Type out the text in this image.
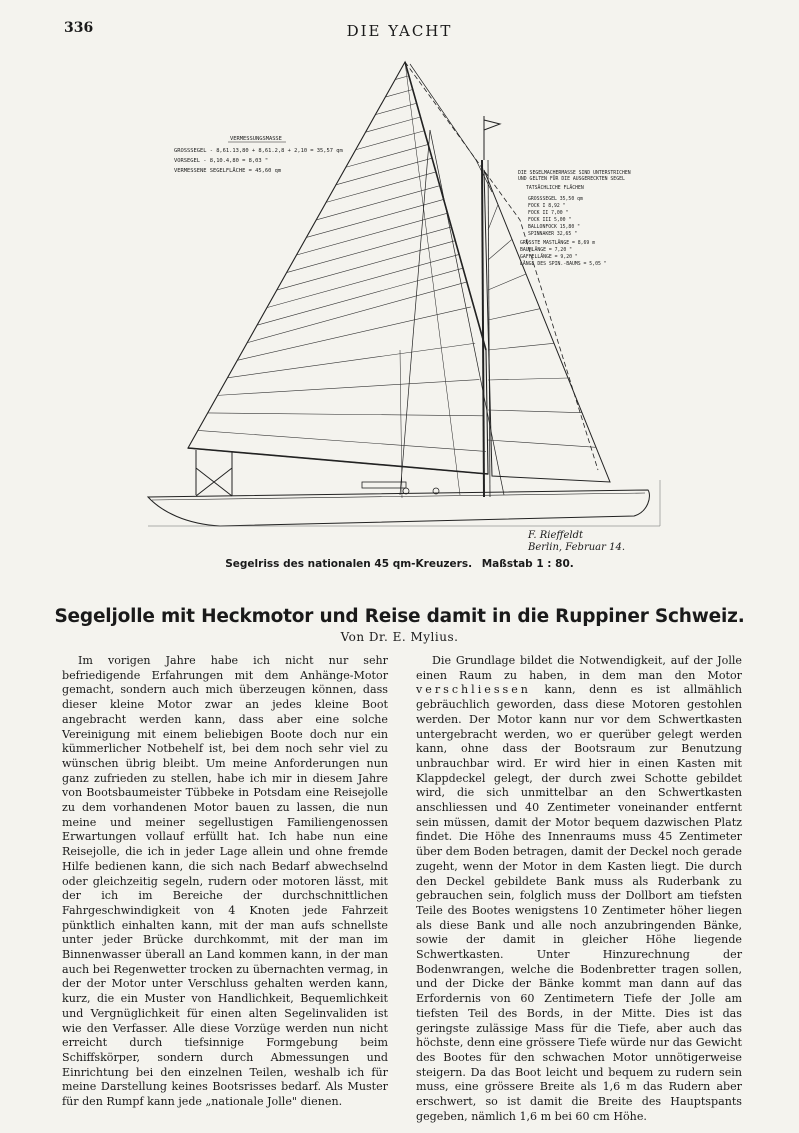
336	DIE YACHT
VERMESSUNGSMASSE
GROSSSEGEL - 8,61.13,80 + 8,61.2,8 + 2,10 = 35,57 qm
VORSEGEL - 8,10.4,80 = 8,03 "
VERMESSENE SEGELFLÄCHE = 45,60 qm	DIE SEGELMACHERMASSE SIND UNTERSTRICHEN
UND GELTEN FÜR DIE AUSGERECKTEN SEGEL
TATSÄCHLICHE FLÄCHEN
GROSSSEGEL 35,50 qm
FOCK I 8,92 "
FOCK II 7,00 "
FOCK III 5,00 "
BALLONFOCK 15,80 "
SPINNAKER 32,65 "
GRÖSSTE MASTLÄNGE = 8,69 m
BAUMLÄNGE = 7,20 "
GAFFELLÄNGE = 9,20 "
LÄNGE DES SPIN.-BAUMS = 5,05 "
F. Rieffeldt
Berlin, Februar 14.
Segelriss des nationalen 45 qm-Kreuzers. Maßstab 1 : 80.
Segeljolle mit Heckmotor und Reise damit in die Ruppiner Schweiz.
Von Dr. E. Mylius.

Im vorigen Jahre habe ich nicht nur sehr befriedigende Erfahrungen mit dem Anhänge-Motor gemacht, sondern auch mich überzeugen können, dass dieser kleine Motor zwar an jedes kleine Boot angebracht werden kann, dass aber eine solche Vereinigung mit einem beliebigen Boote doch nur ein kümmerlicher Notbehelf ist, bei dem noch sehr viel zu wünschen übrig bleibt. Um meine Anforderungen nun ganz zufrieden zu stellen, habe ich mir in diesem Jahre von Bootsbaumeister Tübbeke in Potsdam eine Reisejolle zu dem vorhandenen Motor bauen zu lassen, die nun meine und meiner segellustigen Familiengenossen Erwartungen vollauf erfüllt hat. Ich habe nun eine Reisejolle, die ich in jeder Lage allein und ohne fremde Hilfe bedienen kann, die sich nach Bedarf abwechselnd oder gleichzeitig segeln, rudern oder motoren lässt, mit der ich im Bereiche der durchschnittlichen Fahrgeschwindigkeit von 4 Knoten jede Fahrzeit pünktlich einhalten kann, mit der man aufs schnellste unter jeder Brücke durchkommt, mit der man im Binnenwasser überall an Land kommen kann, in der man auch bei Regenwetter trocken zu übernachten vermag, in der der Motor unter Verschluss gehalten werden kann, kurz, die ein Muster von Handlichkeit, Bequemlichkeit und Vergnüglichkeit für einen alten Segelinvaliden ist wie den Verfasser. Alle diese Vorzüge werden nun nicht erreicht durch tiefsinnige Formgebung beim Schiffskörper, sondern durch Abmessungen und Einrichtung bei den einzelnen Teilen, weshalb ich für meine Darstellung keines Bootsrisses bedarf. Als Muster für den Rumpf kann jede „nationale Jolle" dienen.

Die Grundlage bildet die Notwendigkeit, auf der Jolle einen Raum zu haben, in dem man den Motor verschliessen kann, denn es ist allmählich gebräuchlich geworden, dass diese Motoren gestohlen werden. Der Motor kann nur vor dem Schwertkasten untergebracht werden, wo er querüber gelegt werden kann, ohne dass der Bootsraum zur Benutzung unbrauchbar wird. Er wird hier in einen Kasten mit Klappdeckel gelegt, der durch zwei Schotte gebildet wird, die sich unmittelbar an den Schwertkasten anschliessen und 40 Zentimeter voneinander entfernt sein müssen, damit der Motor bequem dazwischen Platz findet. Die Höhe des Innenraums muss 45 Zentimeter über dem Boden betragen, damit der Deckel noch gerade zugeht, wenn der Motor in dem Kasten liegt. Die durch den Deckel gebildete Bank muss als Ruderbank zu gebrauchen sein, folglich muss der Dollbort am tiefsten Teile des Bootes wenigstens 10 Zentimeter höher liegen als diese Bank und alle noch anzubringenden Bänke, sowie der damit in gleicher Höhe liegende Schwertkasten. Unter Hinzurechnung der Bodenwrangen, welche die Bodenbretter tragen sollen, und der Dicke der Bänke kommt man dann auf das Erfordernis von 60 Zentimetern Tiefe der Jolle am tiefsten Teil des Bords, in der Mitte. Dies ist das geringste zulässige Mass für die Tiefe, aber auch das höchste, denn eine grössere Tiefe würde nur das Gewicht des Bootes für den schwachen Motor unnötigerweise steigern. Da das Boot leicht und bequem zu rudern sein muss, eine grössere Breite als 1,6 m das Rudern aber erschwert, so ist damit die Breite des Hauptspants gegeben, nämlich 1,6 m bei 60 cm Höhe.
